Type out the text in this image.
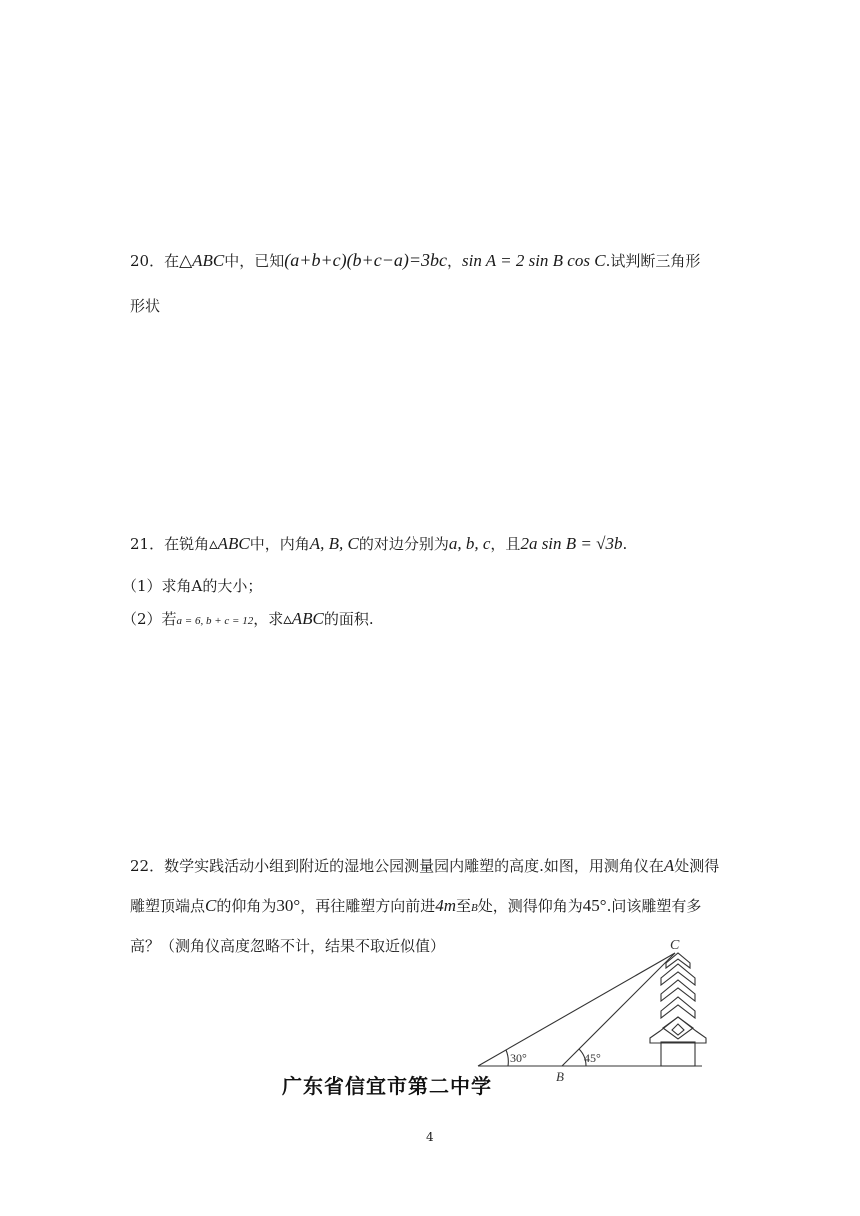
20．在△ABC中，已知(a+b+c)(b+c−a)=3bc，sin A = 2 sin B cos C.试判断三角形
形状
21．在锐角▵ABC中，内角A, B, C的对边分别为a, b, c，且2a sin B = √3b.
（1）求角A的大小；
（2）若a = 6, b + c = 12，求▵ABC的面积.
22．数学实践活动小组到附近的湿地公园测量园内雕塑的高度.如图，用测角仪在A处测得
雕塑顶端点C的仰角为30°，再往雕塑方向前进4m至B处，测得仰角为45°.问该雕塑有多
高？（测角仪高度忽略不计，结果不取近似值）	C
B
30°	45°
广东省信宜市第二中学
4
